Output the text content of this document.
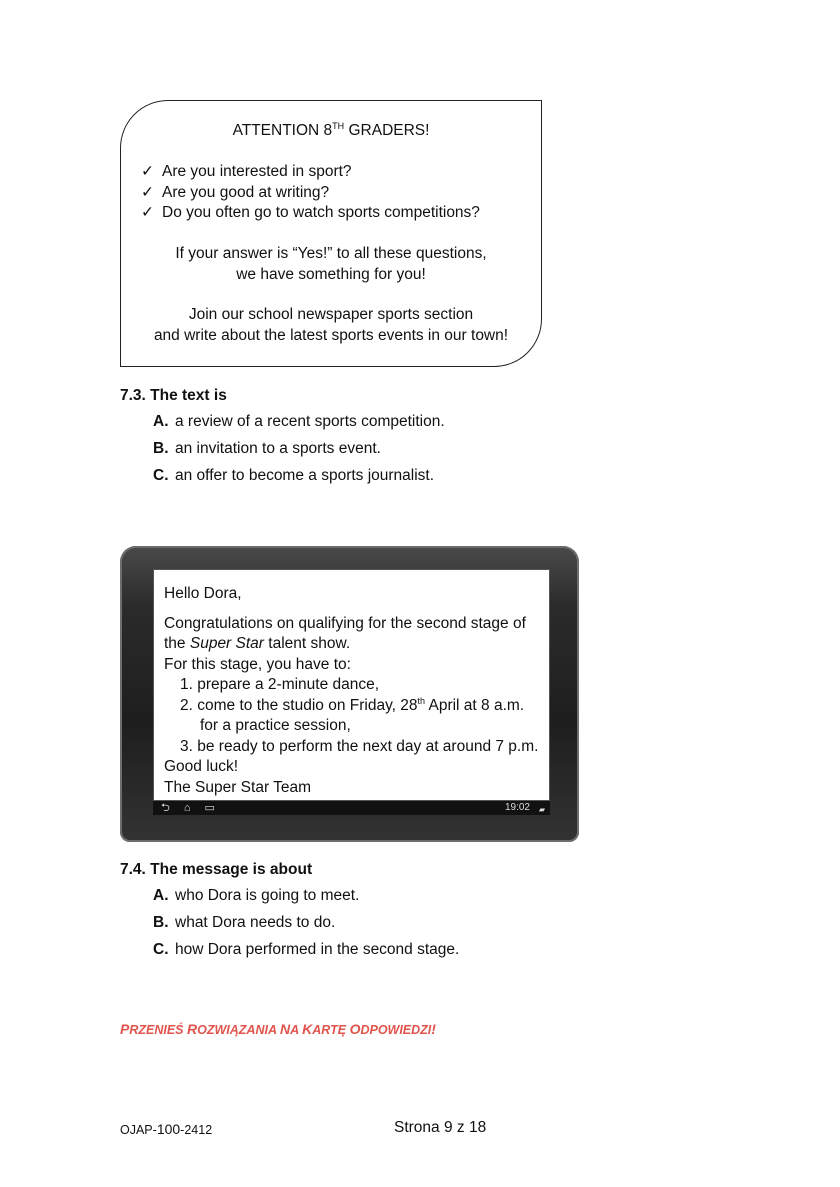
ATTENTION 8TH GRADERS!
✓ Are you interested in sport?
✓ Are you good at writing?
✓ Do you often go to watch sports competitions?
If your answer is “Yes!” to all these questions,
we have something for you!
Join our school newspaper sports section
and write about the latest sports events in our town!
7.3. The text is
A. a review of a recent sports competition.
B. an invitation to a sports event.
C. an offer to become a sports journalist.
Hello Dora,
Congratulations on qualifying for the second stage of
the Super Star talent show.
For this stage, you have to:
1. prepare a 2-minute dance,
2. come to the studio on Friday, 28th April at 8 a.m.
for a practice session,
3. be ready to perform the next day at around 7 p.m.
Good luck!
The Super Star Team
⮌ ⌂ ▭	19:02 ▰
7.4. The message is about
A. who Dora is going to meet.
B. what Dora needs to do.
C. how Dora performed in the second stage.
PRZENIEŚ ROZWIĄZANIA NA KARTĘ ODPOWIEDZI!
OJAP-100-2412	Strona 9 z 18
